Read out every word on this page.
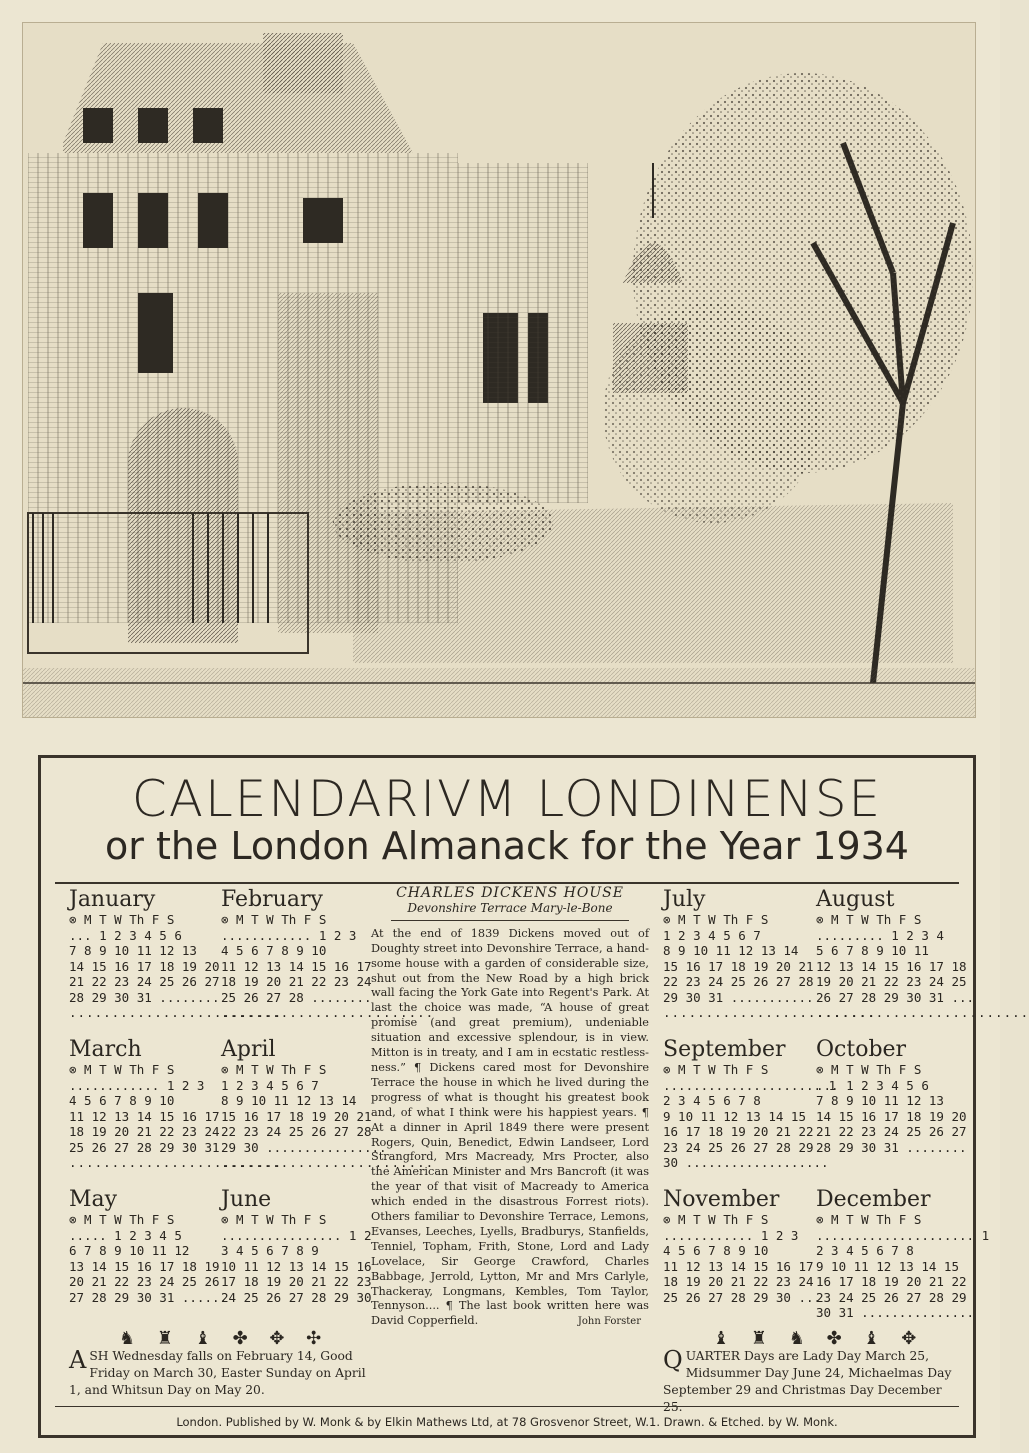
CALENDARIVM LONDINENSE
or the London Almanack for the Year 1934
January
⊗ M T W Th F S
... 1 2 3 4 5 6
7 8 9 10 11 12 13
14 15 16 17 18 19 20
21 22 23 24 25 26 27
28 29 30 31 ........
.........................
February
⊗ M T W Th F S
............ 1 2 3
4 5 6 7 8 9 10
11 12 13 14 15 16 17
18 19 20 21 22 23 24
25 26 27 28 ........
.........................
March
⊗ M T W Th F S
............ 1 2 3
4 5 6 7 8 9 10
11 12 13 14 15 16 17
18 19 20 21 22 23 24
25 26 27 28 29 30 31
.........................
April
⊗ M T W Th F S
1 2 3 4 5 6 7
8 9 10 11 12 13 14
15 16 17 18 19 20 21
22 23 24 25 26 27 28
29 30 ................
.........................
May
⊗ M T W Th F S
..... 1 2 3 4 5
6 7 8 9 10 11 12
13 14 15 16 17 18 19
20 21 22 23 24 25 26
27 28 29 30 31 ......
June
⊗ M T W Th F S
................ 1 2
3 4 5 6 7 8 9
10 11 12 13 14 15 16
17 18 19 20 21 22 23
24 25 26 27 28 29 30
♞ ♜ ♝ ✤ ✥ ✣
ASH Wednesday falls on February 14, Good Friday on March 30, Easter Sunday on April 1, and Whitsun Day on May 20.
CHARLES DICKENS HOUSE
Devonshire Terrace Mary-le-Bone
At the end of 1839 Dickens moved out of Doughty street into Devonshire Terrace, a hand-some house with a garden of considerable size, shut out from the New Road by a high brick wall facing the York Gate into Regent's Park. At last the choice was made, “A house of great promise (and great premium), undeniable situation and excessive splendour, is in view. Mitton is in treaty, and I am in ecstatic restless-ness.” ¶ Dickens cared most for Devonshire Terrace the house in which he lived during the progress of what is thought his greatest book and, of what I think were his happiest years. ¶ At a dinner in April 1849 there were present Rogers, Quin, Benedict, Edwin Landseer, Lord Strangford, Mrs Macready, Mrs Procter, also the American Minister and Mrs Bancroft (it was the year of that visit of Macready to America which ended in the disastrous Forrest riots). Others familiar to Devonshire Terrace, Lemons, Evanses, Leeches, Lyells, Bradburys, Stanfields, Tenniel, Topham, Frith, Stone, Lord and Lady Lovelace, Sir George Crawford, Charles Babbage, Jerrold, Lytton, Mr and Mrs Carlyle, Thackeray, Longmans, Kembles, Tom Taylor, Tennyson.... ¶ The last book written here was David Copperfield.	John Forster
July
⊗ M T W Th F S
1 2 3 4 5 6 7
8 9 10 11 12 13 14
15 16 17 18 19 20 21
22 23 24 25 26 27 28
29 30 31 ...........
.........................
August
⊗ M T W Th F S
......... 1 2 3 4
5 6 7 8 9 10 11
12 13 14 15 16 17 18
19 20 21 22 23 24 25
26 27 28 29 30 31 ...
.........................
September
⊗ M T W Th F S
..................... 1
2 3 4 5 6 7 8
9 10 11 12 13 14 15
16 17 18 19 20 21 22
23 24 25 26 27 28 29
30 ...................
October
⊗ M T W Th F S
... 1 2 3 4 5 6
7 8 9 10 11 12 13
14 15 16 17 18 19 20
21 22 23 24 25 26 27
28 29 30 31 ........
November
⊗ M T W Th F S
............ 1 2 3
4 5 6 7 8 9 10
11 12 13 14 15 16 17
18 19 20 21 22 23 24
25 26 27 28 29 30 ...
December
⊗ M T W Th F S
..................... 1
2 3 4 5 6 7 8
9 10 11 12 13 14 15
16 17 18 19 20 21 22
23 24 25 26 27 28 29
30 31 ...............
♝ ♜ ♞ ✤ ♝ ✥
QUARTER Days are Lady Day March 25, Midsummer Day June 24, Michaelmas Day September 29 and Christmas Day December 25.
London. Published by W. Monk & by Elkin Mathews Ltd, at 78 Grosvenor Street, W.1. Drawn. & Etched. by W. Monk.
